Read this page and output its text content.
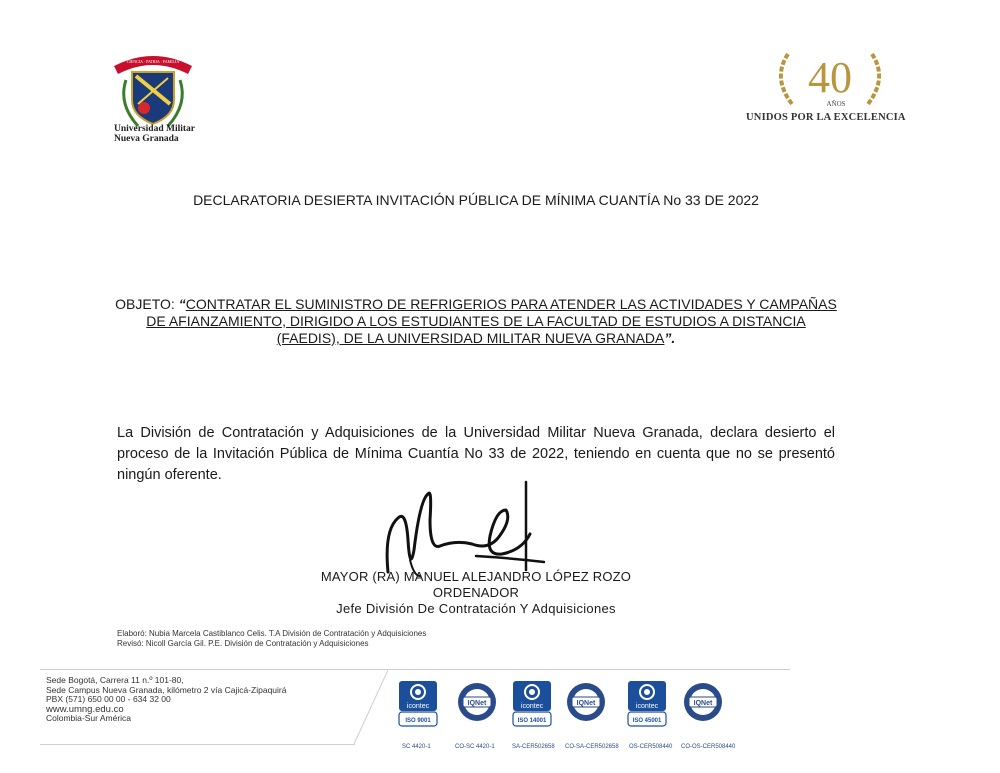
CIENCIA · PATRIA · FAMILIA
Universidad Militar
Nueva Granada
40
AÑOS
UNIDOS POR LA EXCELENCIA
DECLARATORIA DESIERTA INVITACIÓN PÚBLICA DE MÍNIMA CUANTÍA No 33 DE 2022
OBJETO: “CONTRATAR EL SUMINISTRO DE REFRIGERIOS PARA ATENDER LAS ACTIVIDADES Y CAMPAÑAS DE AFIANZAMIENTO, DIRIGIDO A LOS ESTUDIANTES DE LA FACULTAD DE ESTUDIOS A DISTANCIA (FAEDIS), DE LA UNIVERSIDAD MILITAR NUEVA GRANADA”.
La División de Contratación y Adquisiciones de la Universidad Militar Nueva Granada, declara desierto el proceso de la Invitación Pública de Mínima Cuantía No 33 de 2022, teniendo en cuenta que no se presentó ningún oferente.
MAYOR (RA) MANUEL ALEJANDRO LÓPEZ ROZO
ORDENADOR
Jefe División De Contratación Y Adquisiciones
Elaboró: Nubia Marcela Castiblanco Celis. T.A División de Contratación y Adquisiciones
Revisó: Nicoll García Gil. P.E. División de Contratación y Adquisiciones
Sede Bogotá, Carrera 11 n.º 101-80,
Sede Campus Nueva Granada, kilómetro 2 vía Cajicá-Zipaquirá
PBX (571) 650 00 00 - 634 32 00
www.umng.edu.co
Colombia-Sur América
icontec
ISO 9001
SC 4420-1
IQNet
CO-SC 4420-1
icontec
ISO 14001
SA-CER502658
IQNet
CO-SA-CER502658
icontec
ISO 45001
OS-CER508440
IQNet
CO-OS-CER508440
